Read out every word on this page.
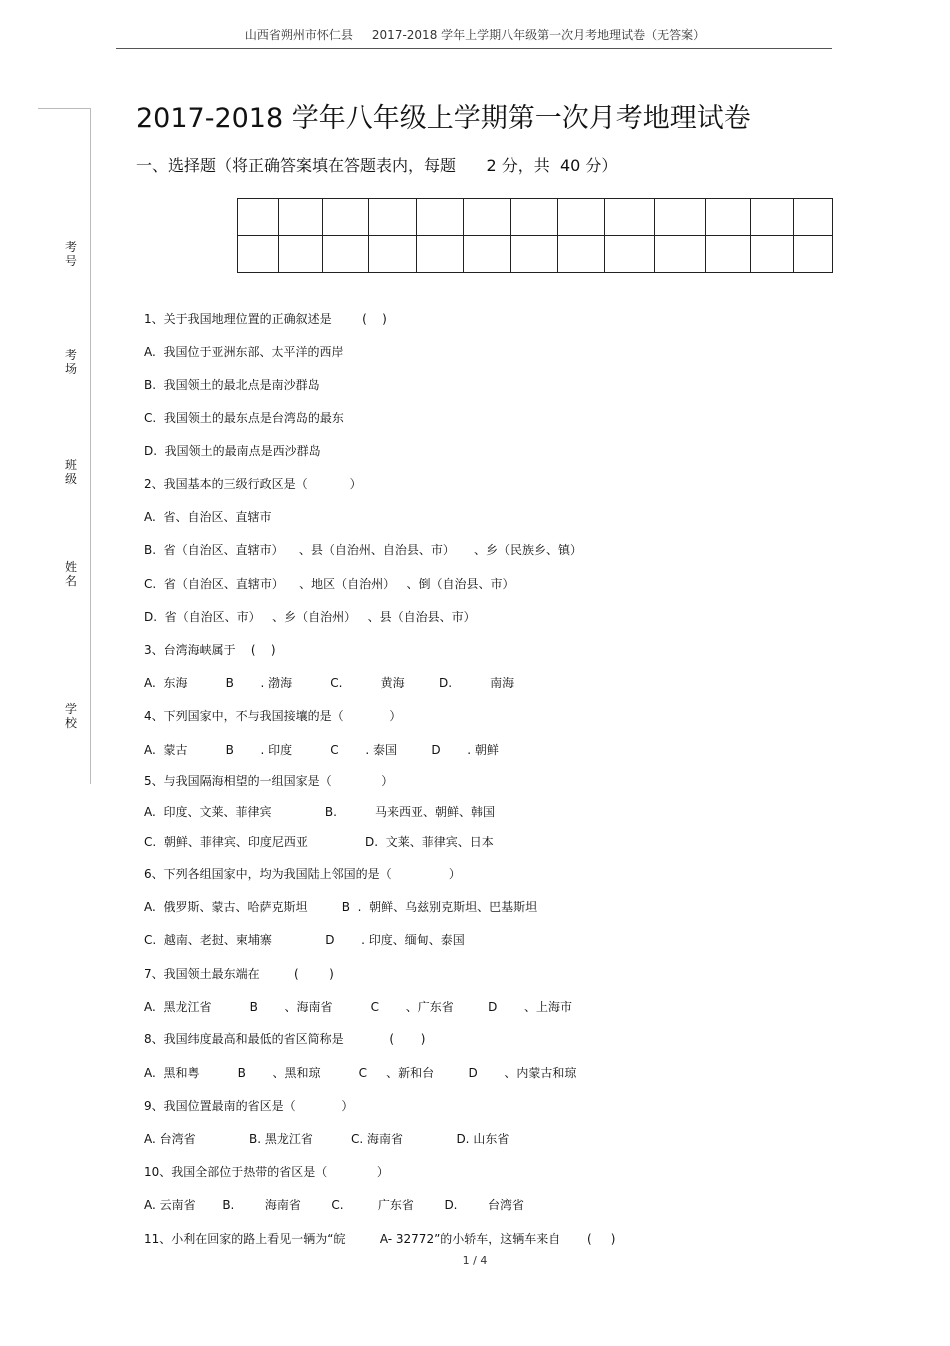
山西省朔州市怀仁县     2017-2018 学年上学期八年级第一次月考地理试卷（无答案）
考号
考场
班级
姓名
学校
2017-2018 学年八年级上学期第一次月考地理试卷
一、选择题（将正确答案填在答题表内，每题      2 分，共  40 分）

1、关于我国地理位置的正确叙述是        (    )
A.  我国位于亚洲东部、太平洋的西岸
B.  我国领土的最北点是南沙群岛
C.  我国领土的最东点是台湾岛的最东
D.  我国领土的最南点是西沙群岛
2、我国基本的三级行政区是（           ）
A.  省、自治区、直辖市
B.  省（自治区、直辖市）    、县（自治州、自治县、市）     、乡（民族乡、镇）
C.  省（自治区、直辖市）    、地区（自治州）   、倒（自治县、市）
D.  省（自治区、市）   、乡（自治州）   、县（自治县、市）
3、台湾海峡属于    (    )
A.  东海          B       . 渤海          C.          黄海         D.          南海
4、下列国家中，不与我国接壤的是（            ）
A.  蒙古          B       . 印度          C       . 泰国         D       . 朝鲜
5、与我国隔海相望的一组国家是（             ）
A.  印度、文莱、菲律宾              B.          马来西亚、朝鲜、韩国
C.  朝鲜、菲律宾、印度尼西亚               D.  文莱、菲律宾、日本
6、下列各组国家中，均为我国陆上邻国的是（               ）
A.  俄罗斯、蒙古、哈萨克斯坦         B  .  朝鲜、乌兹别克斯坦、巴基斯坦
C.  越南、老挝、柬埔寨              D       . 印度、缅甸、泰国
7、我国领土最东端在         (        )
A.  黑龙江省          B       、海南省          C       、广东省         D       、上海市
8、我国纬度最高和最低的省区简称是            (       )
A.  黑和粤          B       、黑和琼          C     、新和台         D       、内蒙古和琼
9、我国位置最南的省区是（            ）
A. 台湾省              B. 黑龙江省          C. 海南省              D. 山东省
10、我国全部位于热带的省区是（             ）
A. 云南省       B.        海南省        C.         广东省        D.        台湾省
11、小利在回家的路上看见一辆为“皖         A- 32772”的小轿车，这辆车来自       (     )
1 / 4
